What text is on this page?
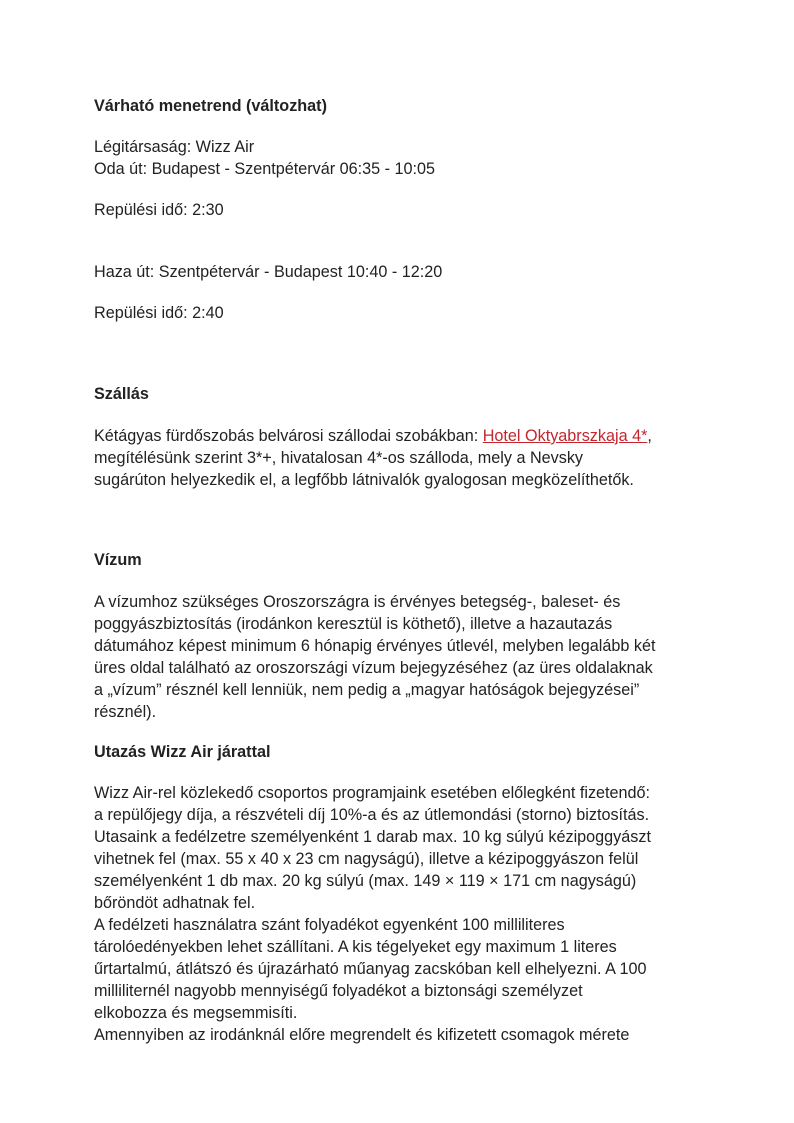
Várható menetrend (változhat)
Légitársaság: Wizz Air
Oda út: Budapest - Szentpétervár 06:35 - 10:05
Repülési idő: 2:30
Haza út: Szentpétervár - Budapest 10:40 - 12:20
Repülési idő: 2:40
Szállás
Kétágyas fürdőszobás belvárosi szállodai szobákban: Hotel Oktyabrszkaja 4*,
megítélésünk szerint 3*+, hivatalosan 4*-os szálloda, mely a Nevsky
sugárúton helyezkedik el, a legfőbb látnivalók gyalogosan megközelíthetők.
Vízum
A vízumhoz szükséges Oroszországra is érvényes betegség-, baleset- és
poggyászbiztosítás (irodánkon keresztül is köthető), illetve a hazautazás
dátumához képest minimum 6 hónapig érvényes útlevél, melyben legalább két
üres oldal található az oroszországi vízum bejegyzéséhez (az üres oldalaknak
a „vízum” résznél kell lenniük, nem pedig a „magyar hatóságok bejegyzései”
résznél).
Utazás Wizz Air járattal
Wizz Air-rel közlekedő csoportos programjaink esetében előlegként fizetendő:
a repülőjegy díja, a részvételi díj 10%-a és az útlemondási (storno) biztosítás.
Utasaink a fedélzetre személyenként 1 darab max. 10 kg súlyú kézipoggyászt
vihetnek fel (max. 55 x 40 x 23 cm nagyságú), illetve a kézipoggyászon felül
személyenként 1 db max. 20 kg súlyú (max. 149 × 119 × 171 cm nagyságú)
bőröndöt adhatnak fel.
A fedélzeti használatra szánt folyadékot egyenként 100 milliliteres
tárolóedényekben lehet szállítani. A kis tégelyeket egy maximum 1 literes
űrtartalmú, átlátszó és újrazárható műanyag zacskóban kell elhelyezni. A 100
milliliternél nagyobb mennyiségű folyadékot a biztonsági személyzet
elkobozza és megsemmisíti.
Amennyiben az irodánknál előre megrendelt és kifizetett csomagok mérete
